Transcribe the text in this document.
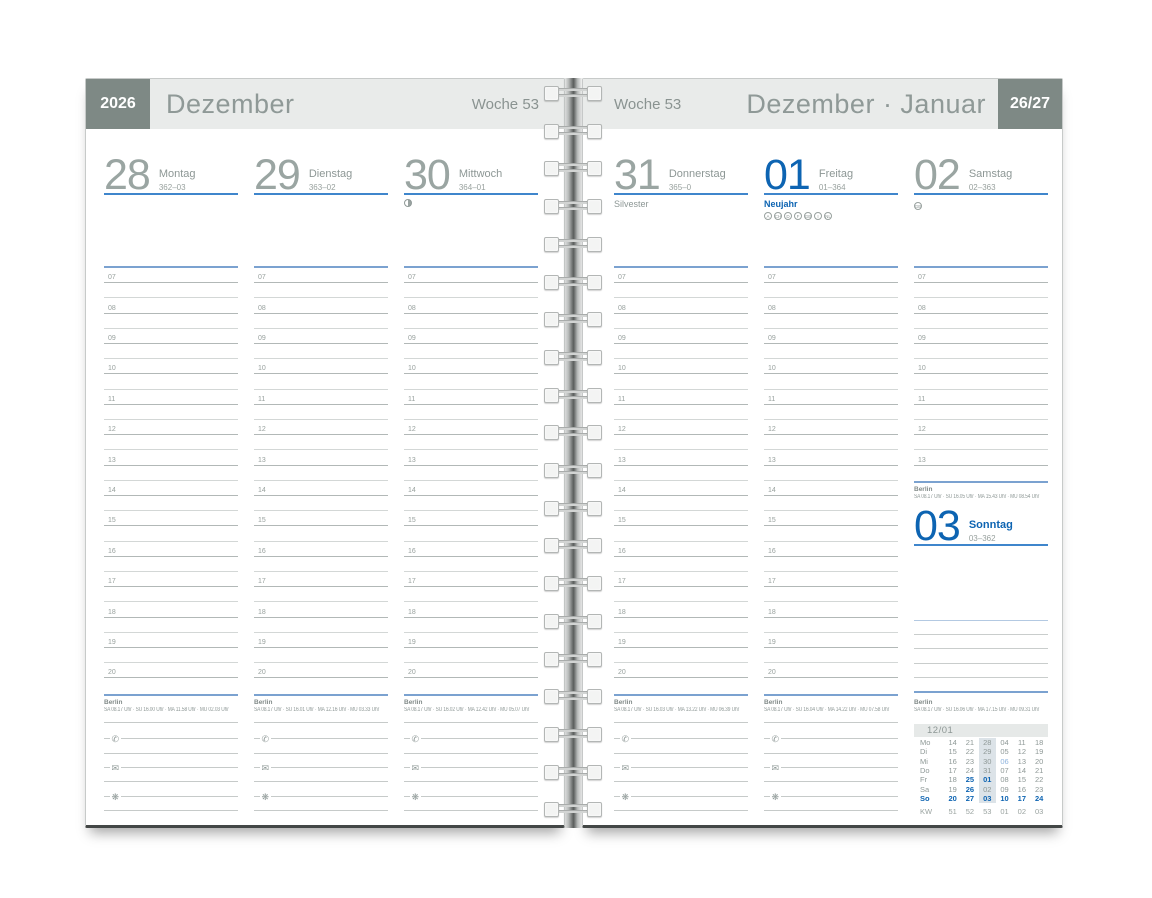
2026	Dezember	Woche 53
28 Montag
362–03
07
08
09
10
11
12
13
14
15
16
17
18
19
20
Berlin
SA 08.17 Uhr · SU 16.00 Uhr · MA 11.58 Uhr · MU 02.03 Uhr
✆
✉
❋
29 Dienstag
363–02
07
08
09
10
11
12
13
14
15
16
17
18
19
20
Berlin
SA 08.17 Uhr · SU 16.01 Uhr · MA 12.16 Uhr · MU 03.33 Uhr
✆
✉
❋
30 Mittwoch
364–01
07
08
09
10
11
12
13
14
15
16
17
18
19
20
Berlin
SA 08.17 Uhr · SU 16.02 Uhr · MA 12.42 Uhr · MU 05.07 Uhr
✆
✉
❋
Woche 53	Dezember · Januar	26/27
31 Donnerstag
365–0
Silvester
07
08
09
10
11
12
13
14
15
16
17
18
19
20
Berlin
SA 08.17 Uhr · SU 16.03 Uhr · MA 13.22 Uhr · MU 06.39 Uhr
✆
✉
❋
01 Freitag
01–364
Neujahr
A	CH	D	F	GB	I	NL
07
08
09
10
11
12
13
14
15
16
17
18
19
20
Berlin
SA 08.17 Uhr · SU 16.04 Uhr · MA 14.22 Uhr · MU 07.58 Uhr
✆
✉
❋
02 Samstag
02–363
GB
07
08
09
10
11
12
13
Berlin
SA 08.17 Uhr · SU 16.05 Uhr · MA 15.43 Uhr · MU 08.54 Uhr
03 Sonntag
03–362
Berlin
SA 08.17 Uhr · SU 16.06 Uhr · MA 17.15 Uhr · MU 09.31 Uhr
12/01
Mo	14	21	28	04	11	18
Di	15	22	29	05	12	19
Mi	16	23	30	06	13	20
Do	17	24	31	07	14	21
Fr	18	25	01	08	15	22
Sa	19	26	02	09	16	23
So	20	27	03	10	17	24
KW	51	52	53	01	02	03
